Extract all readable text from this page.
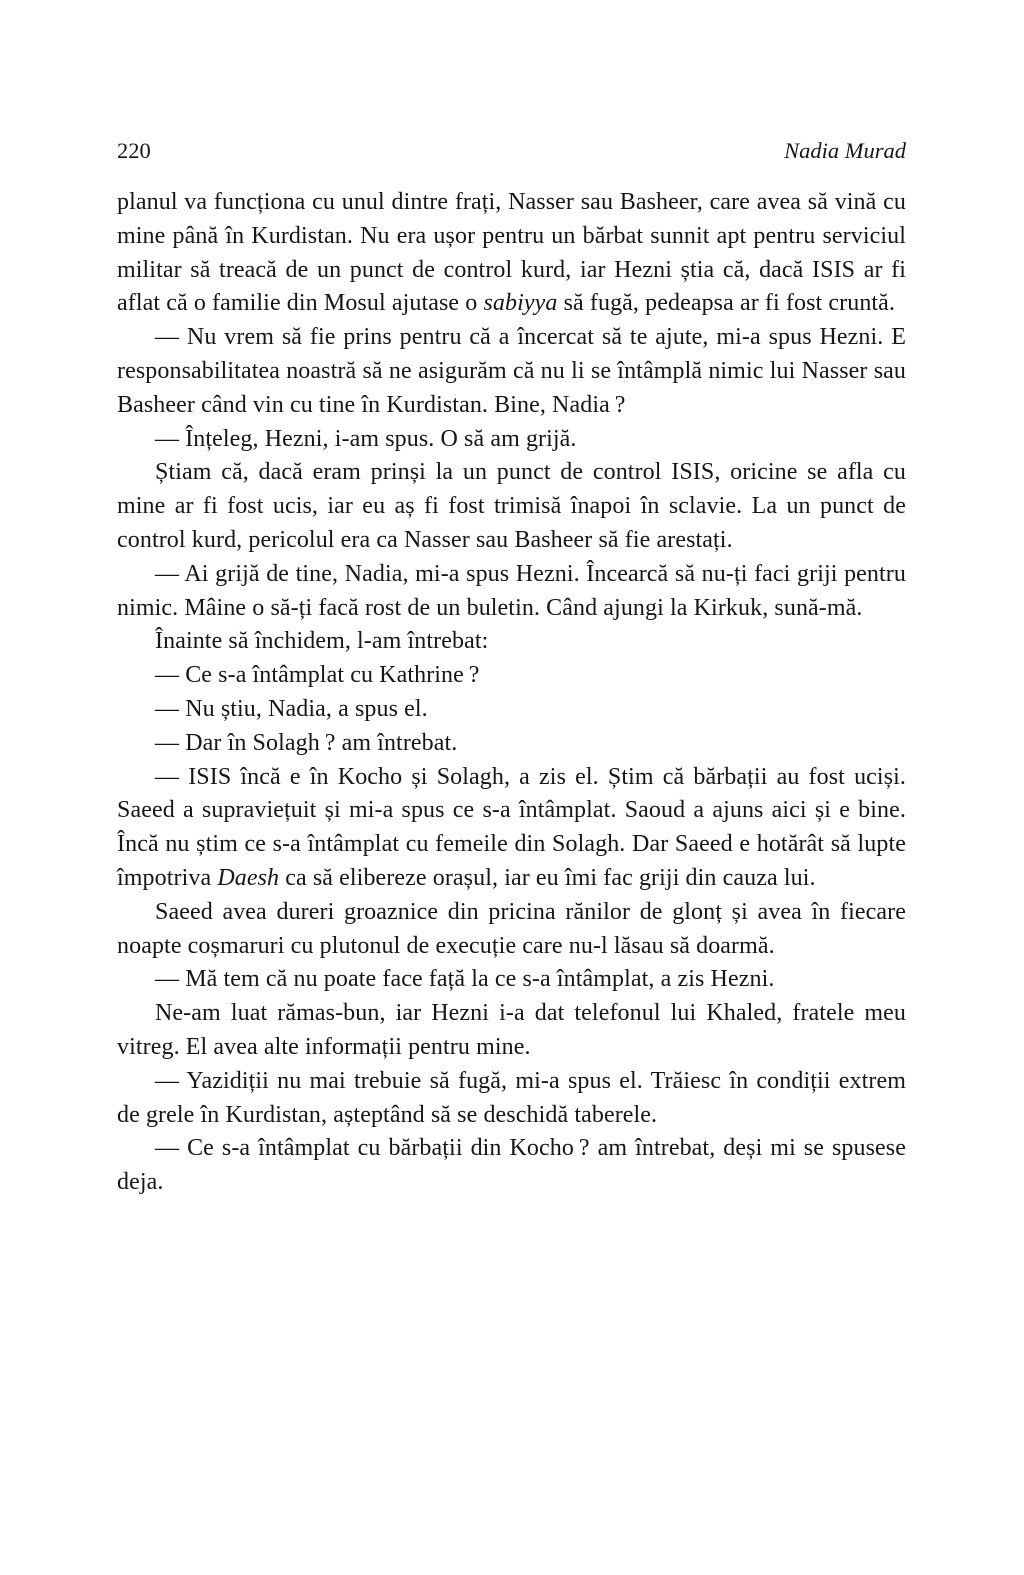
220	Nadia Murad

planul va funcționa cu unul dintre frați, Nasser sau Basheer, care avea să vină cu mine până în Kurdistan. Nu era ușor pentru un bărbat sunnit apt pentru serviciul militar să treacă de un punct de control kurd, iar Hezni știa că, dacă ISIS ar fi aflat că o familie din Mosul ajutase o sabiyya să fugă, pedeapsa ar fi fost cruntă.

— Nu vrem să fie prins pentru că a încercat să te ajute, mi-a spus Hezni. E responsabilitatea noastră să ne asigurăm că nu li se întâmplă nimic lui Nasser sau Basheer când vin cu tine în Kurdistan. Bine, Nadia ?

— Înțeleg, Hezni, i-am spus. O să am grijă.

Știam că, dacă eram prinși la un punct de control ISIS, oricine se afla cu mine ar fi fost ucis, iar eu aș fi fost trimisă înapoi în sclavie. La un punct de control kurd, pericolul era ca Nasser sau Basheer să fie arestați.

— Ai grijă de tine, Nadia, mi-a spus Hezni. Încearcă să nu-ți faci griji pentru nimic. Mâine o să-ți facă rost de un buletin. Când ajungi la Kirkuk, sună-mă.

Înainte să închidem, l-am întrebat:

— Ce s-a întâmplat cu Kathrine ?

— Nu știu, Nadia, a spus el.

— Dar în Solagh ? am întrebat.

— ISIS încă e în Kocho și Solagh, a zis el. Știm că bărbații au fost uciși. Saeed a supraviețuit și mi-a spus ce s-a întâmplat. Saoud a ajuns aici și e bine. Încă nu știm ce s-a întâmplat cu femeile din Solagh. Dar Saeed e hotărât să lupte împotriva Daesh ca să elibereze orașul, iar eu îmi fac griji din cauza lui.

Saeed avea dureri groaznice din pricina rănilor de glonț și avea în fiecare noapte coșmaruri cu plutonul de execuție care nu-l lăsau să doarmă.

— Mă tem că nu poate face față la ce s-a întâmplat, a zis Hezni.

Ne-am luat rămas-bun, iar Hezni i-a dat telefonul lui Khaled, fratele meu vitreg. El avea alte informații pentru mine.

— Yazidiții nu mai trebuie să fugă, mi-a spus el. Trăiesc în condiții extrem de grele în Kurdistan, așteptând să se deschidă taberele.

— Ce s-a întâmplat cu bărbații din Kocho ? am întrebat, deși mi se spusese deja.
